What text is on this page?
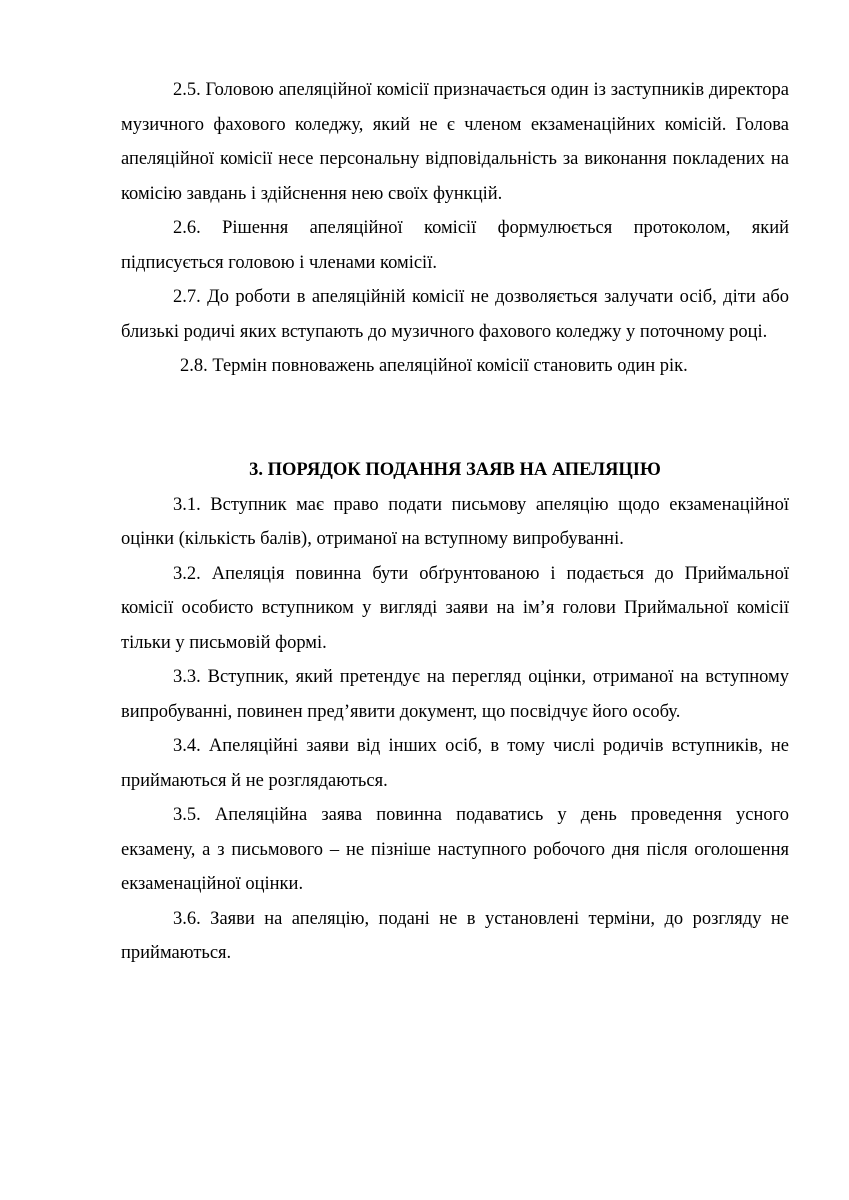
2.5. Головою апеляційної комісії призначається один із заступників директора музичного фахового коледжу, який не є членом екзаменаційних комісій. Голова апеляційної комісії несе персональну відповідальність за виконання покладених на комісію завдань і здійснення нею своїх функцій.

2.6. Рішення апеляційної комісії формулюється протоколом, який підписується головою і членами комісії.

2.7. До роботи в апеляційній комісії не дозволяється залучати осіб, діти або близькі родичі яких вступають до музичного фахового коледжу у поточному році.

2.8. Термін повноважень апеляційної комісії становить один рік.

3. ПОРЯДОК ПОДАННЯ ЗАЯВ НА АПЕЛЯЦІЮ

3.1. Вступник має право подати письмову апеляцію щодо екзаменаційної оцінки (кількість балів), отриманої на вступному випробуванні.

3.2. Апеляція повинна бути обґрунтованою і подається до Приймальної комісії особисто вступником у вигляді заяви на ім’я голови Приймальної комісії тільки у письмовій формі.

3.3. Вступник, який претендує на перегляд оцінки, отриманої на вступному випробуванні, повинен пред’явити документ, що посвідчує його особу.

3.4. Апеляційні заяви від інших осіб, в тому числі родичів вступників, не приймаються й не розглядаються.

3.5. Апеляційна заява повинна подаватись у день проведення усного екзамену, а з письмового – не пізніше наступного робочого дня після оголошення екзаменаційної оцінки.

3.6. Заяви на апеляцію, подані не в установлені терміни, до розгляду не приймаються.
